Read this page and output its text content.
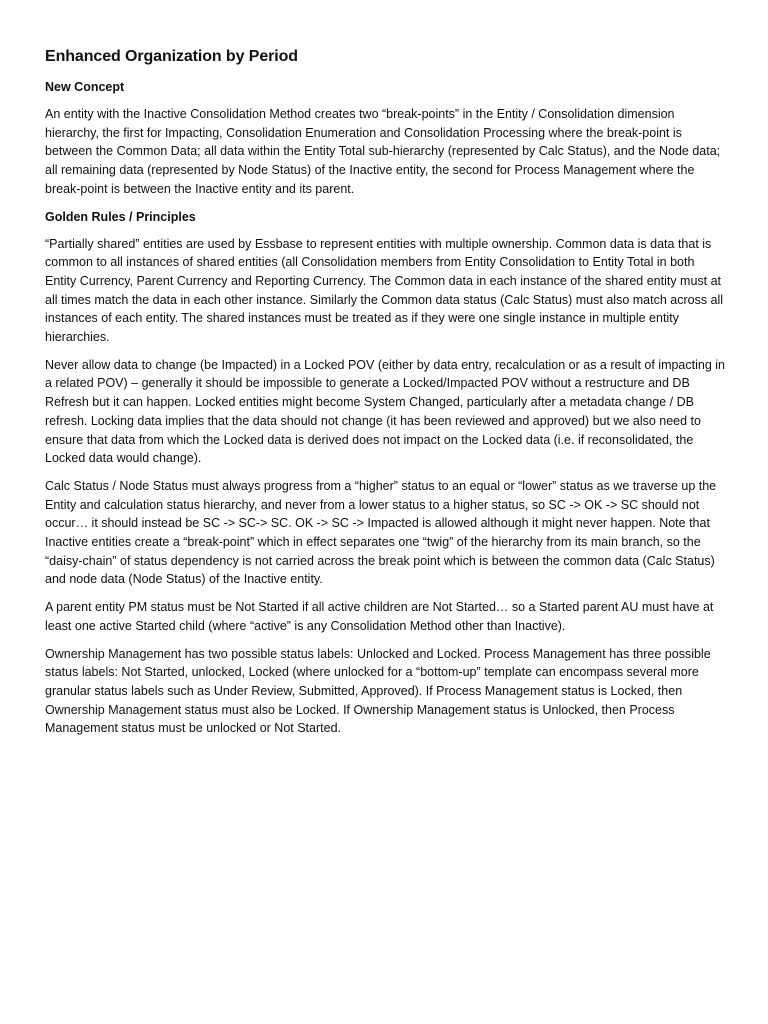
Enhanced Organization by Period
New Concept

An entity with the Inactive Consolidation Method creates two “break-points” in the Entity / Consolidation dimension hierarchy, the first for Impacting, Consolidation Enumeration and Consolidation Processing where the break-point is between the Common Data; all data within the Entity Total sub-hierarchy (represented by Calc Status), and the Node data; all remaining data (represented by Node Status) of the Inactive entity, the second for Process Management where the break-point is between the Inactive entity and its parent.

Golden Rules / Principles

“Partially shared” entities are used by Essbase to represent entities with multiple ownership. Common data is data that is common to all instances of shared entities (all Consolidation members from Entity Consolidation to Entity Total in both Entity Currency, Parent Currency and Reporting Currency. The Common data in each instance of the shared entity must at all times match the data in each other instance. Similarly the Common data status (Calc Status) must also match across all instances of each entity. The shared instances must be treated as if they were one single instance in multiple entity hierarchies.

Never allow data to change (be Impacted) in a Locked POV (either by data entry, recalculation or as a result of impacting in a related POV) – generally it should be impossible to generate a Locked/Impacted POV without a restructure and DB Refresh but it can happen. Locked entities might become System Changed, particularly after a metadata change / DB refresh. Locking data implies that the data should not change (it has been reviewed and approved) but we also need to ensure that data from which the Locked data is derived does not impact on the Locked data (i.e. if reconsolidated, the Locked data would change).

Calc Status / Node Status must always progress from a “higher” status to an equal or “lower” status as we traverse up the Entity and calculation status hierarchy, and never from a lower status to a higher status, so SC -> OK -> SC should not occur… it should instead be SC -> SC-> SC. OK -> SC -> Impacted is allowed although it might never happen. Note that Inactive entities create a “break-point” which in effect separates one “twig” of the hierarchy from its main branch, so the “daisy-chain” of status dependency is not carried across the break point which is between the common data (Calc Status) and node data (Node Status) of the Inactive entity.

A parent entity PM status must be Not Started if all active children are Not Started… so a Started parent AU must have at least one active Started child (where “active” is any Consolidation Method other than Inactive).

Ownership Management has two possible status labels: Unlocked and Locked. Process Management has three possible status labels: Not Started, unlocked, Locked (where unlocked for a “bottom-up” template can encompass several more granular status labels such as Under Review, Submitted, Approved). If Process Management status is Locked, then Ownership Management status must also be Locked. If Ownership Management status is Unlocked, then Process Management status must be unlocked or Not Started.
